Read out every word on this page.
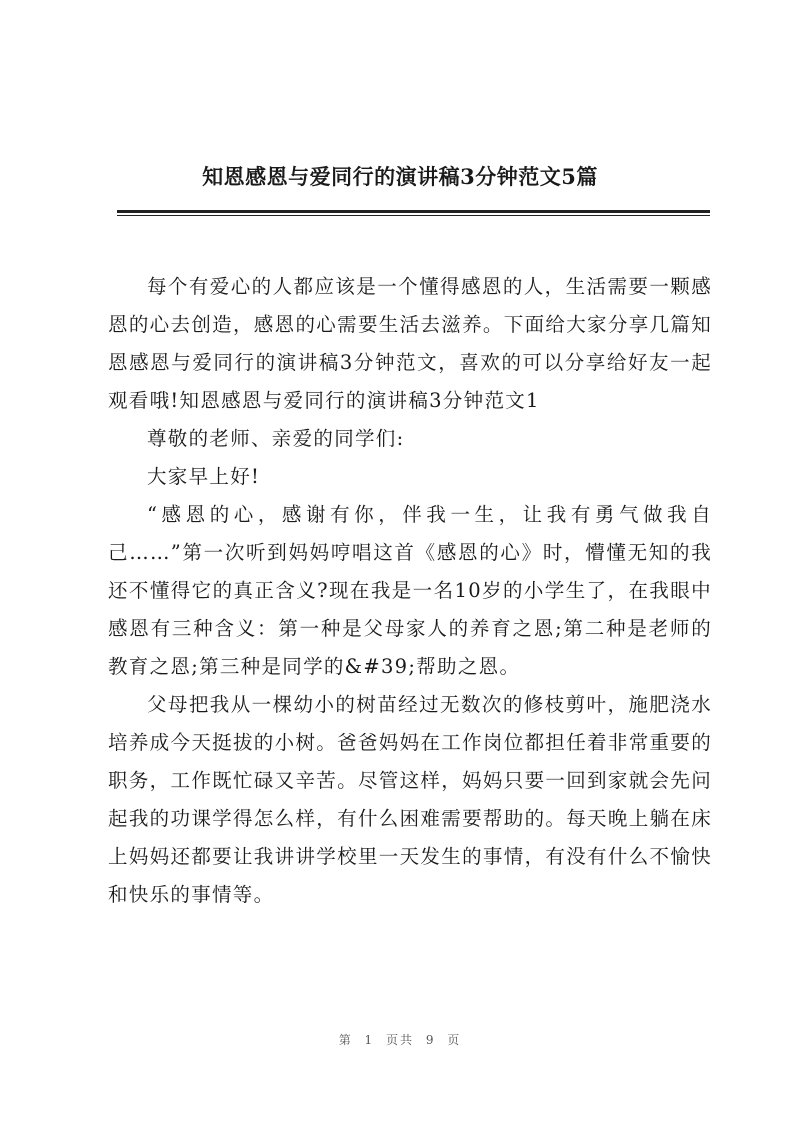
知恩感恩与爱同行的演讲稿3分钟范文5篇

每个有爱心的人都应该是一个懂得感恩的人，生活需要一颗感恩的心去创造，感恩的心需要生活去滋养。下面给大家分享几篇知恩感恩与爱同行的演讲稿3分钟范文，喜欢的可以分享给好友一起观看哦!知恩感恩与爱同行的演讲稿3分钟范文1

尊敬的老师、亲爱的同学们:

大家早上好!

“感恩的心，感谢有你，伴我一生，让我有勇气做我自己……”第一次听到妈妈哼唱这首《感恩的心》时，懵懂无知的我还不懂得它的真正含义?现在我是一名10岁的小学生了，在我眼中感恩有三种含义：第一种是父母家人的养育之恩;第二种是老师的教育之恩;第三种是同学的&#39;帮助之恩。

父母把我从一棵幼小的树苗经过无数次的修枝剪叶，施肥浇水培养成今天挺拔的小树。爸爸妈妈在工作岗位都担任着非常重要的职务，工作既忙碌又辛苦。尽管这样，妈妈只要一回到家就会先问起我的功课学得怎么样，有什么困难需要帮助的。每天晚上躺在床上妈妈还都要让我讲讲学校里一天发生的事情，有没有什么不愉快和快乐的事情等。

第 1 页共 9 页
